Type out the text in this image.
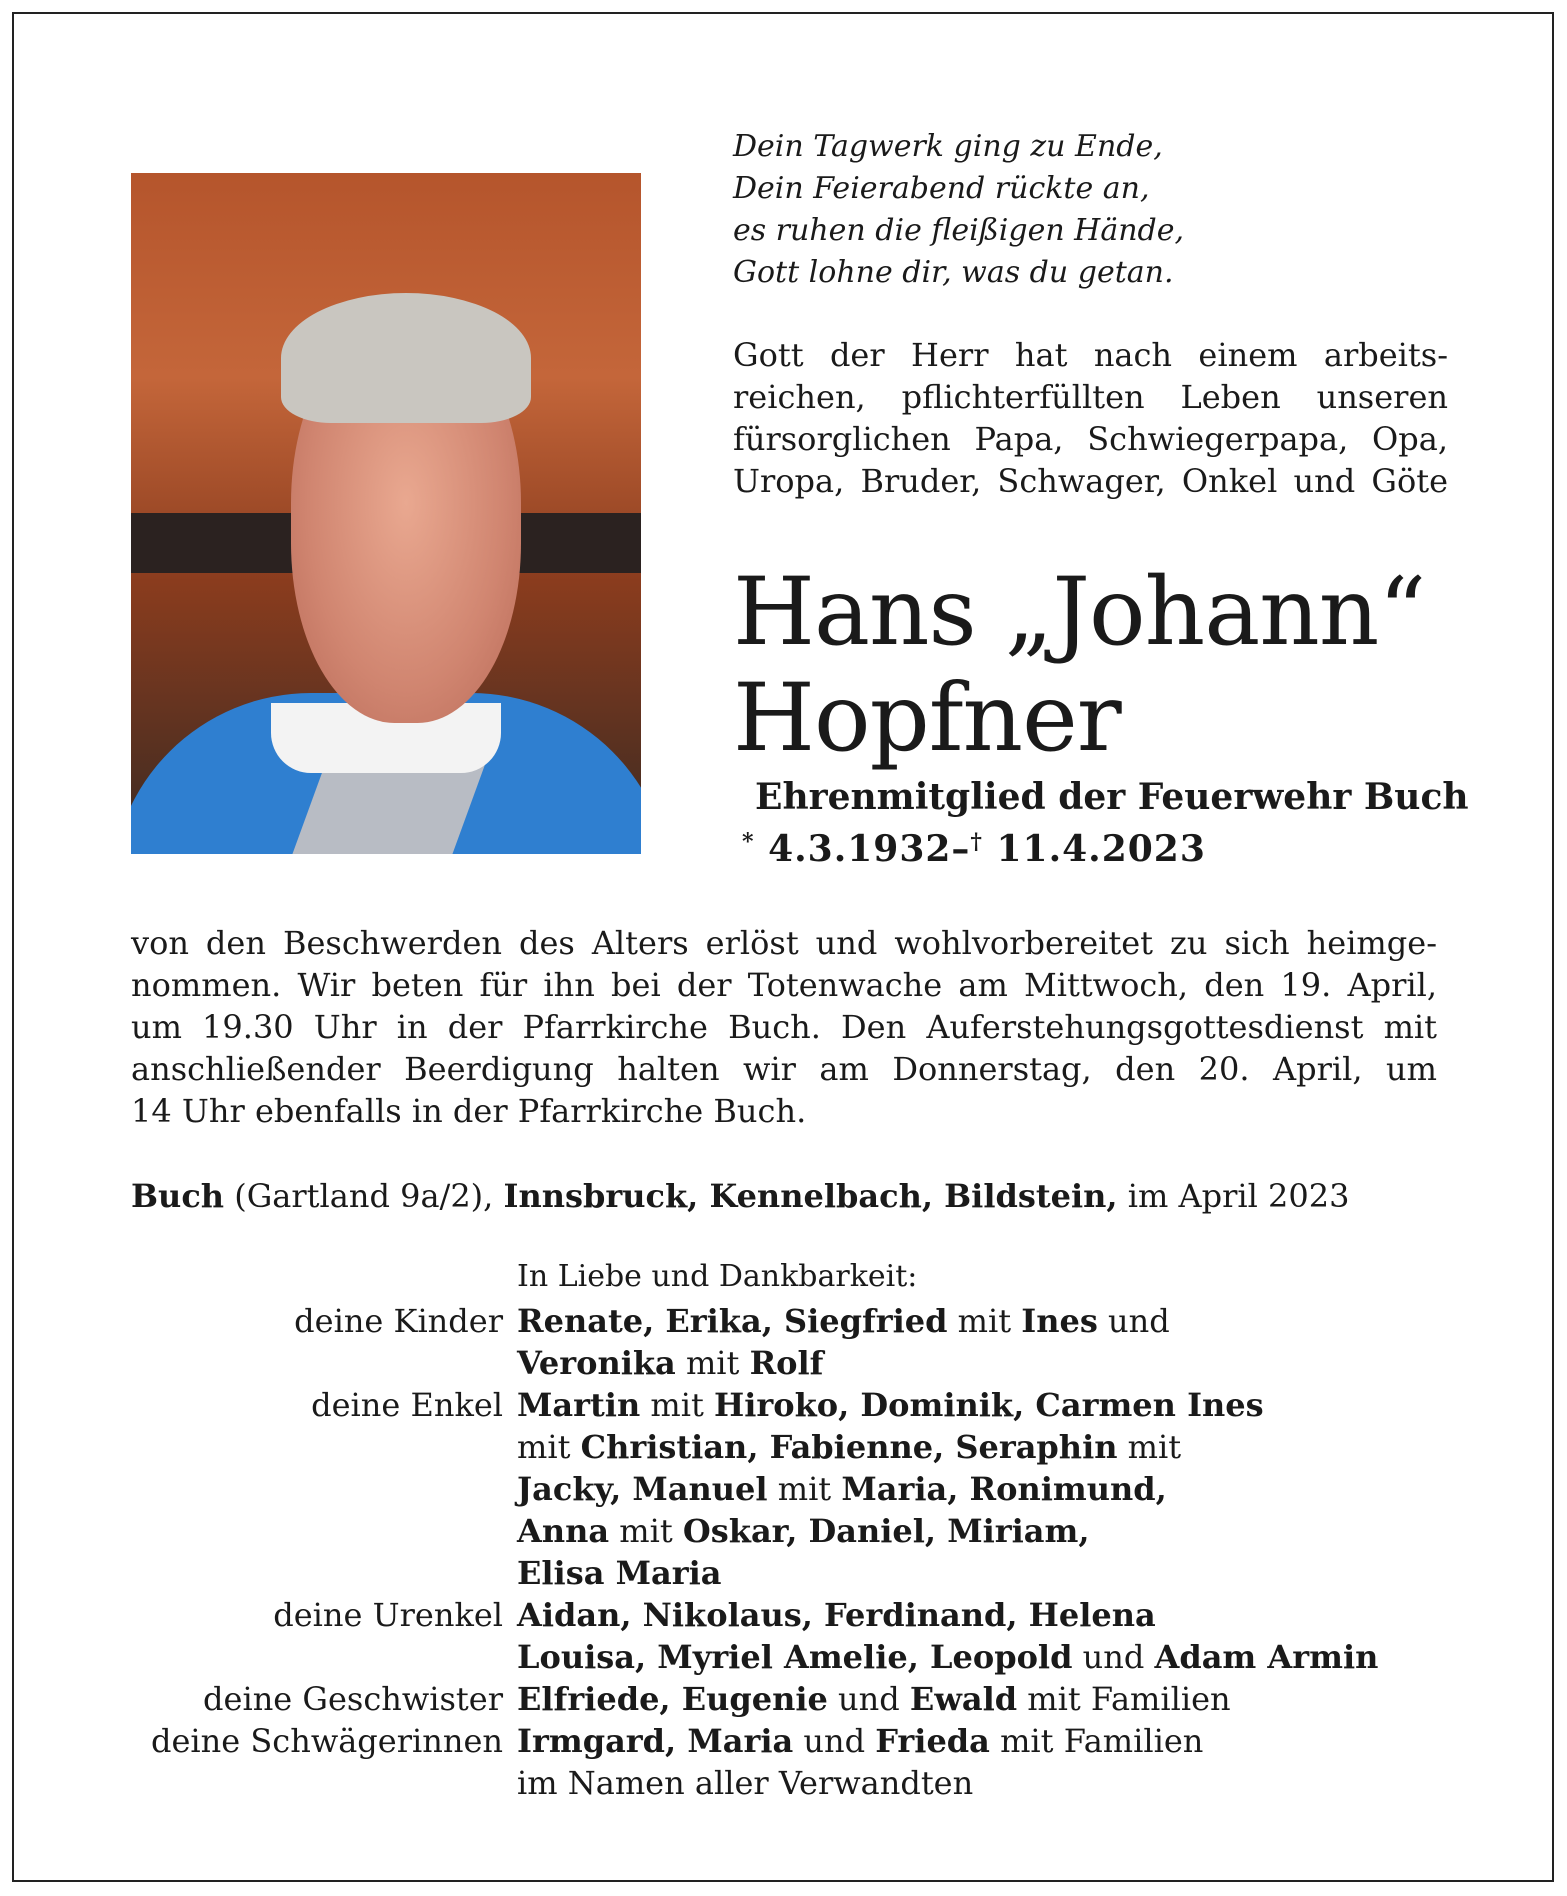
Dein Tagwerk ging zu Ende,
Dein Feierabend rückte an,
es ruhen die fleißigen Hände,
Gott lohne dir, was du getan.
Gott der Herr hat nach einem arbeits-
reichen, pflichterfüllten Leben unseren
fürsorglichen Papa, Schwiegerpapa, Opa,
Uropa, Bruder, Schwager, Onkel und Göte
Hans „Johann“
Hopfner
Ehrenmitglied der Feuerwehr Buch
* 4.3.1932–† 11.4.2023
von den Beschwerden des Alters erlöst und wohlvorbereitet zu sich heimge-
nommen. Wir beten für ihn bei der Totenwache am Mittwoch, den 19. April,
um 19.30 Uhr in der Pfarrkirche Buch. Den Auferstehungsgottesdienst mit
anschließender Beerdigung halten wir am Donnerstag, den 20. April, um
14 Uhr ebenfalls in der Pfarrkirche Buch.
Buch (Gartland 9a/2), Innsbruck, Kennelbach, Bildstein, im April 2023
In Liebe und Dankbarkeit:
deine Kinder Renate, Erika, Siegfried mit Ines und
Veronika mit Rolf
deine Enkel Martin mit Hiroko, Dominik, Carmen Ines
mit Christian, Fabienne, Seraphin mit
Jacky, Manuel mit Maria, Ronimund,
Anna mit Oskar, Daniel, Miriam,
Elisa Maria
deine Urenkel Aidan, Nikolaus, Ferdinand, Helena
Louisa, Myriel Amelie, Leopold und Adam Armin
deine Geschwister Elfriede, Eugenie und Ewald mit Familien
deine Schwägerinnen Irmgard, Maria und Frieda mit Familien
im Namen aller Verwandten
